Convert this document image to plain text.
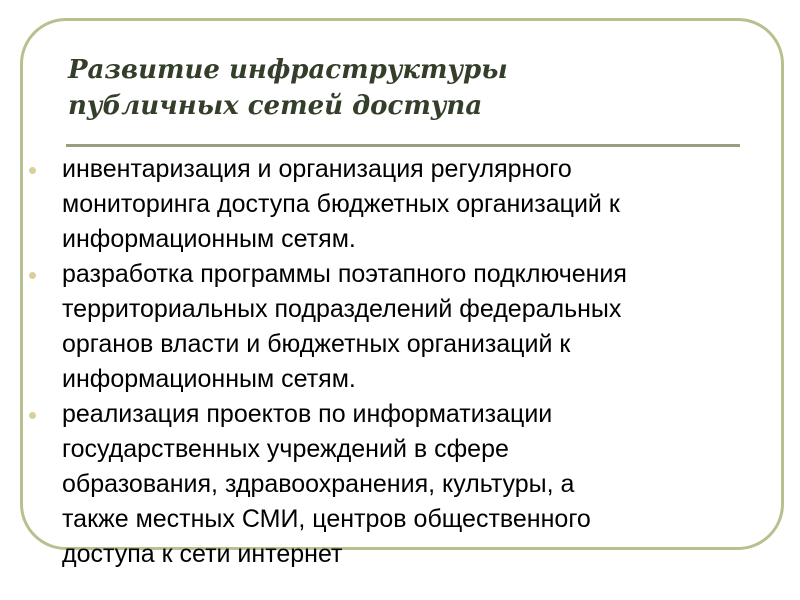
Развитие инфраструктуры
публичных сетей доступа
инвентаризация и организация регулярного
мониторинга доступа бюджетных организаций к
информационным сетям.
разработка программы поэтапного подключения
территориальных подразделений федеральных
органов власти и бюджетных организаций к
информационным сетям.
реализация проектов по информатизации
государственных учреждений в сфере
образования, здравоохранения, культуры, а
также местных СМИ, центров общественного
доступа к сети интернет
